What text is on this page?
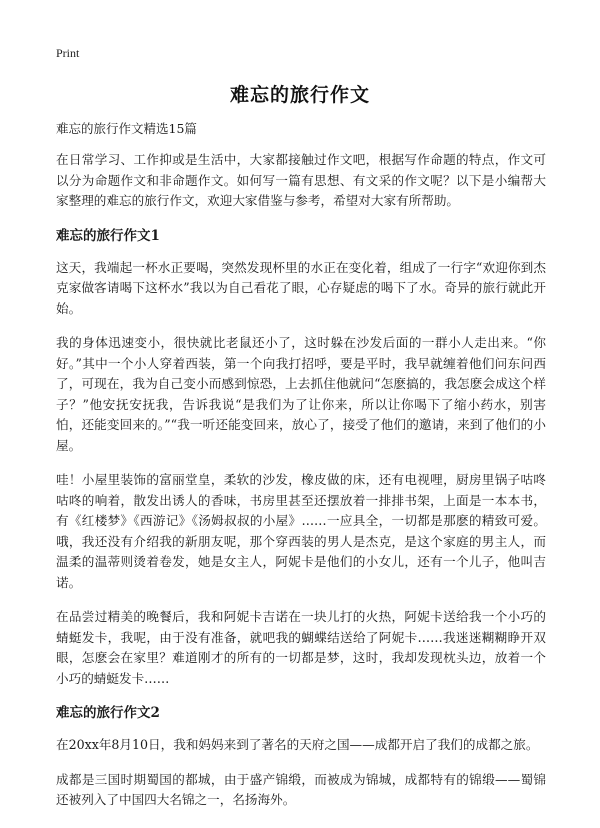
Print
难忘的旅行作文
难忘的旅行作文精选15篇

在日常学习、工作抑或是生活中，大家都接触过作文吧，根据写作命题的特点，作文可以分为命题作文和非命题作文。如何写一篇有思想、有文采的作文呢？以下是小编帮大家整理的难忘的旅行作文，欢迎大家借鉴与参考，希望对大家有所帮助。

难忘的旅行作文1

这天，我端起一杯水正要喝，突然发现杯里的水正在变化着，组成了一行字“欢迎你到杰克家做客请喝下这杯水”我以为自己看花了眼，心存疑虑的喝下了水。奇异的旅行就此开始。

我的身体迅速变小，很快就比老鼠还小了，这时躲在沙发后面的一群小人走出来。“你好。”其中一个小人穿着西装，第一个向我打招呼，要是平时，我早就缠着他们问东问西了，可现在，我为自己变小而感到惊恐，上去抓住他就问“怎麽搞的，我怎麽会成这个样子？”他安抚安抚我，告诉我说“是我们为了让你来，所以让你喝下了缩小药水，别害怕，还能变回来的。”“我一听还能变回来，放心了，接受了他们的邀请，来到了他们的小屋。

哇！小屋里装饰的富丽堂皇，柔软的沙发，橡皮做的床，还有电视哩，厨房里锅子咕咚咕咚的响着，散发出诱人的香味，书房里甚至还摆放着一排排书架，上面是一本本书，有《红楼梦》《西游记》《汤姆叔叔的小屋》……一应具全，一切都是那麽的精致可爱。哦，我还没有介绍我的新朋友呢，那个穿西装的男人是杰克，是这个家庭的男主人，而温柔的温蒂则烫着卷发，她是女主人，阿妮卡是他们的小女儿，还有一个儿子，他叫吉诺。

在品尝过精美的晚餐后，我和阿妮卡吉诺在一块儿打的火热，阿妮卡送给我一个小巧的蜻蜓发卡，我呢，由于没有准备，就吧我的蝴蝶结送给了阿妮卡……我迷迷糊糊睁开双眼，怎麽会在家里？难道刚才的所有的一切都是梦，这时，我却发现枕头边，放着一个小巧的蜻蜓发卡……

难忘的旅行作文2

在20xx年8月10日，我和妈妈来到了著名的天府之国——成都开启了我们的成都之旅。

成都是三国时期蜀国的都城，由于盛产锦缎，而被成为锦城，成都特有的锦缎——蜀锦还被列入了中国四大名锦之一，名扬海外。
